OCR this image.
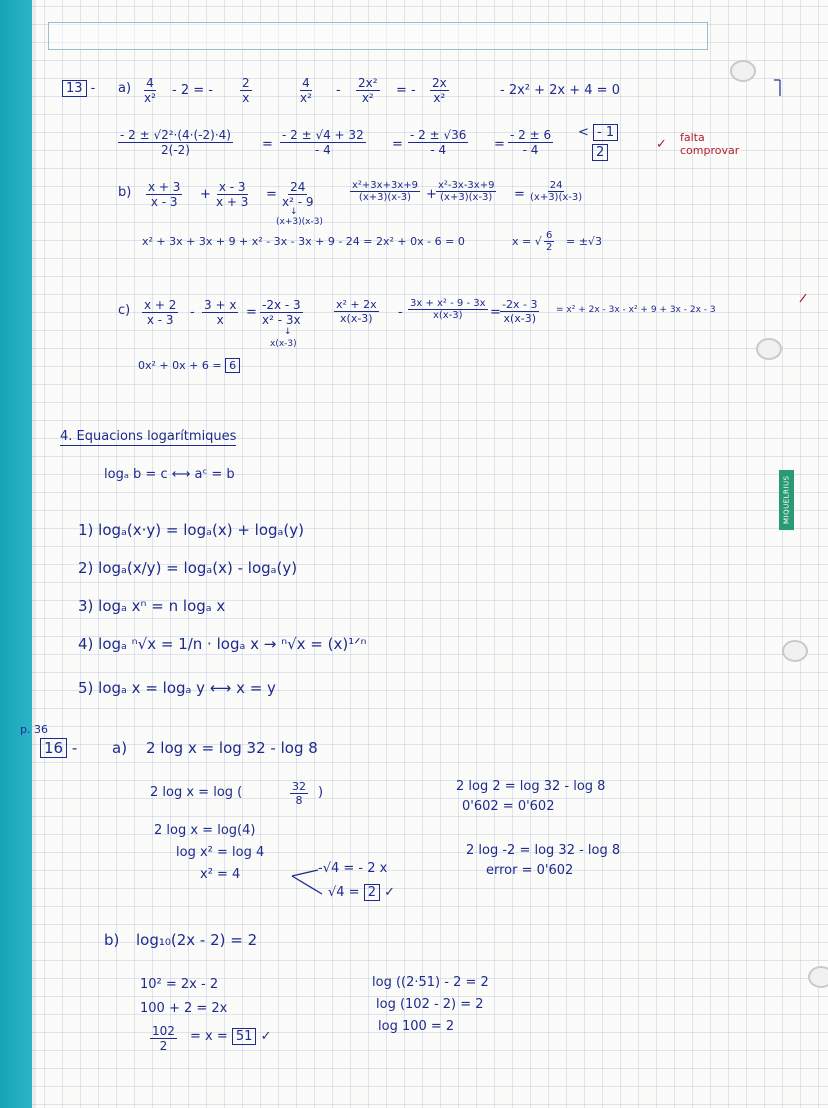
MIQUELRIUS
$13 - a) \frac{4}{\text{x²}} - 2$ = - $\frac{2}{x}$	$\frac{4}{\text{x²}} - \frac{\text{2x²}}{\text{x²}}$ = - $\frac{2x}{\text{x²}}$	- 2x² + 2x + 4 = 0
$\frac{\text{- 2 ± √2²·(4·(-2)·4)}}{2(-2)} = \frac{- 2 \pm √4 + 32}{- 4} = \frac{- 2 \pm √36}{- 4} = \frac{- 2 \pm 6}{- 4}$ < - 1
2
✓ falta comprovar
$b) \frac{x + 3}{x - 3} + \frac{x - 3}{x + 3} = \frac{24}{\text{x² - 9}}$
↓
(x+3)(x-3)
$\frac{\text{x²+3x+3x+9}}{(x+3)(x-3)} + \frac{\text{x²-3x-3x+9}}{(x+3)(x-3)} = \frac{24}{(x+3)(x-3)}$
x² + 3x + 3x + 9 + x² - 3x - 3x + 9 - 24 = 2x² + 0x - 6 = 0	x = √ $\frac{6}{2} = \pm√3$
$c) \frac{x + 2}{x - 3} - \frac{3 + x}{x} = \frac{-2x - 3}{\text{x² - 3x}}$
↓
x(x-3)
$\frac{\text{x² + 2x}}{x(x-3)} - \frac{\text{3x + x² - 9 - 3x}}{x(x-3)} = \frac{-2x - 3}{x(x-3)} = x^2 + 2x - 3x - x^2 + 9 + 3x - 2x - 3$
0x² + 0x + 6 = 6
4. Equacions logarítmiques
logₐ b = c ⟷ aᶜ = b
1) logₐ(x·y) = logₐ(x) + logₐ(y)
2) logₐ(x/y) = logₐ(x) - logₐ(y)
3) logₐ xⁿ = n logₐ x
4) logₐ ⁿ√x = 1/n · logₐ x → ⁿ√x = (x)¹ᐟⁿ
5) logₐ x = logₐ y ⟷ x = y
p. 36
16 - a) 2 log x = log 32 - log 8
2 log x = log (	$\frac{32}{8}$ )
2 log x = log(4)
log x² = log 4
x² = 4	-√4 = - 2 x
√4 = 2 ✓
2 log 2 = log 32 - log 8
0'602 = 0'602
2 log -2 = log 32 - log 8
error = 0'602
b) log₁₀(2x - 2) = 2
10² = 2x - 2
100 + 2 = 2x
$\frac{102}{2} = x = 51$ ✓
log ((2·51) - 2 = 2
log (102 - 2) = 2
log 100 = 2
